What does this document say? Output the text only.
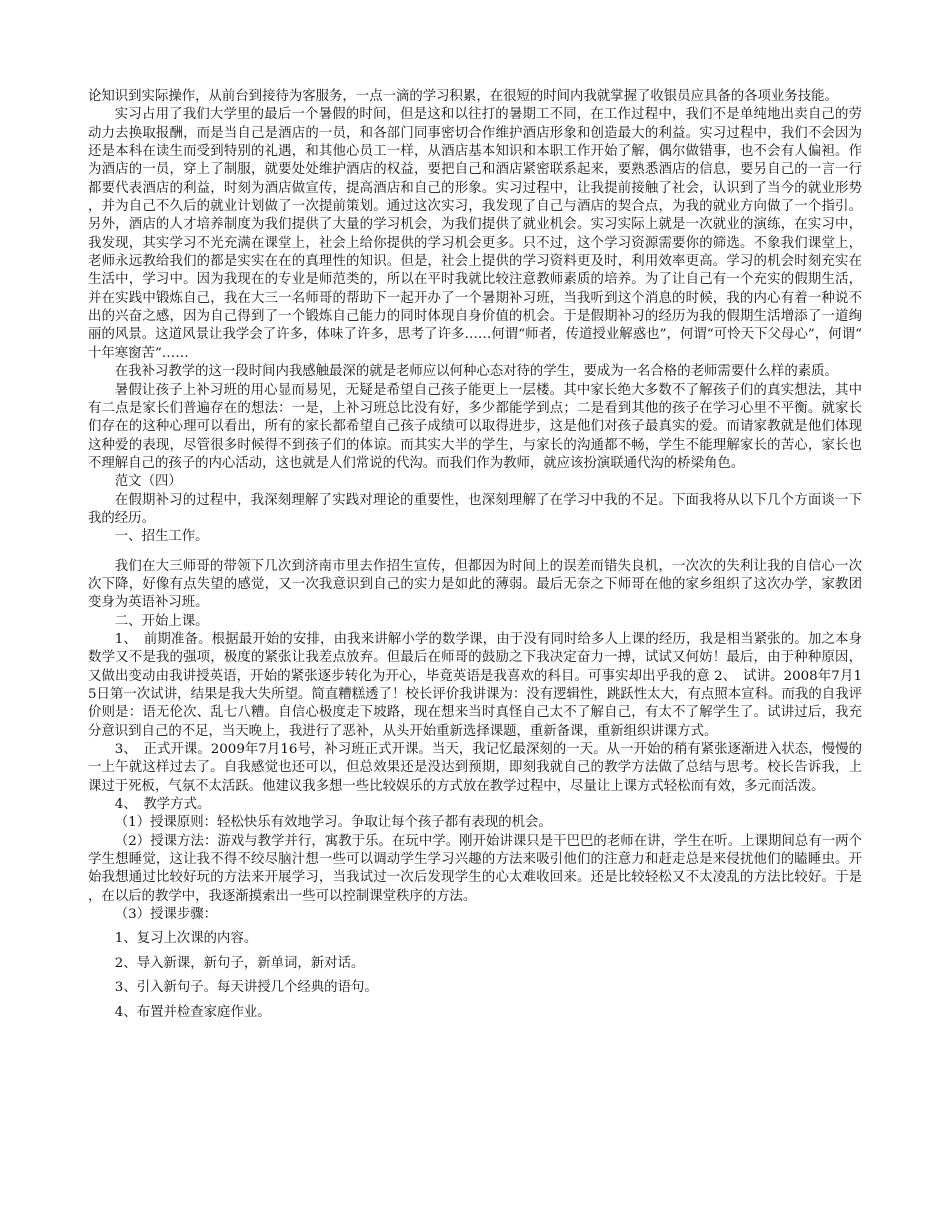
论知识到实际操作，从前台到接待为客服务，一点一滴的学习积累，在很短的时间内我就掌握了收银员应具备的各项业务技能。

实习占用了我们大学里的最后一个暑假的时间，但是这和以往打的暑期工不同，在工作过程中，我们不是单纯地出卖自己的劳动力去换取报酬，而是当自己是酒店的一员，和各部门同事密切合作维护酒店形象和创造最大的利益。实习过程中，我们不会因为还是本科在读生而受到特别的礼遇，和其他心员工一样，从酒店基本知识和本职工作开始了解，偶尔做错事，也不会有人偏袒。作为酒店的一员，穿上了制服，就要处处维护酒店的权益，要把自己和酒店紧密联系起来，要熟悉酒店的信息，要另自己的一言一行都要代表酒店的利益，时刻为酒店做宣传，提高酒店和自己的形象。实习过程中，让我提前接触了社会，认识到了当今的就业形势，并为自己不久后的就业计划做了一次提前策划。通过这次实习，我发现了自己与酒店的契合点，为我的就业方向做了一个指引。另外，酒店的人才培养制度为我们提供了大量的学习机会，为我们提供了就业机会。实习实际上就是一次就业的演练，在实习中，我发现，其实学习不光充满在课堂上，社会上给你提供的学习机会更多。只不过，这个学习资源需要你的筛选。不象我们课堂上，老师永远教给我们的都是实实在在的真理性的知识。但是，社会上提供的学习资料更及时，利用效率更高。学习的机会时刻充实在生活中，学习中。因为我现在的专业是师范类的，所以在平时我就比较注意教师素质的培养。为了让自己有一个充实的假期生活，并在实践中锻炼自己，我在大三一名师哥的帮助下一起开办了一个暑期补习班，当我听到这个消息的时候，我的内心有着一种说不出的兴奋之感，因为自己得到了一个锻炼自己能力的同时体现自身价值的机会。于是假期补习的经历为我的假期生活增添了一道绚丽的风景。这道风景让我学会了许多，体味了许多，思考了许多……何谓“师者，传道授业解惑也”，何谓“可怜天下父母心”，何谓“十年寒窗苦”……

在我补习教学的这一段时间内我感触最深的就是老师应以何种心态对待的学生，要成为一名合格的老师需要什么样的素质。

暑假让孩子上补习班的用心显而易见，无疑是希望自己孩子能更上一层楼。其中家长绝大多数不了解孩子们的真实想法，其中有二点是家长们普遍存在的想法：一是，上补习班总比没有好，多少都能学到点；二是看到其他的孩子在学习心里不平衡。就家长们存在的这种心理可以看出，所有的家长都希望自己孩子成绩可以取得进步，这是他们对孩子最真实的爱。而请家教就是他们体现这种爱的表现，尽管很多时候得不到孩子们的体谅。而其实大半的学生，与家长的沟通都不畅，学生不能理解家长的苦心，家长也不理解自己的孩子的内心活动，这也就是人们常说的代沟。而我们作为教师，就应该扮演联通代沟的桥梁角色。

范文（四）

在假期补习的过程中，我深刻理解了实践对理论的重要性，也深刻理解了在学习中我的不足。下面我将从以下几个方面谈一下我的经历。

一、招生工作。

我们在大三师哥的带领下几次到济南市里去作招生宣传，但都因为时间上的误差而错失良机，一次次的失利让我的自信心一次次下降，好像有点失望的感觉，又一次我意识到自己的实力是如此的薄弱。最后无奈之下师哥在他的家乡组织了这次办学，家教团变身为英语补习班。

二、开始上课。

1、　前期准备。根据最开始的安排，由我来讲解小学的数学课，由于没有同时给多人上课的经历，我是相当紧张的。加之本身数学又不是我的强项，极度的紧张让我差点放弃。但最后在师哥的鼓励之下我决定奋力一搏，试试又何妨！最后，由于种种原因，又做出变动由我讲授英语，开始的紧张逐步转化为开心，毕竟英语是我喜欢的科目。可事实却出乎我的意 2、　试讲。2008年7月15日第一次试讲，结果是我大失所望。简直糟糕透了！校长评价我讲课为：没有逻辑性，跳跃性太大，有点照本宣科。而我的自我评价则是：语无伦次、乱七八糟。自信心极度走下坡路，现在想来当时真怪自己太不了解自己，有太不了解学生了。试讲过后，我充分意识到自己的不足，当天晚上，我进行了恶补，从头开始重新选择课题，重新备课，重新组织讲课方式。

3、　正式开课。2009年7月16号，补习班正式开课。当天，我记忆最深刻的一天。从一开始的稍有紧张逐渐进入状态，慢慢的一上午就这样过去了。自我感觉也还可以，但总效果还是没达到预期，即刻我就自己的教学方法做了总结与思考。校长告诉我，上课过于死板，气氛不太活跃。他建议我多想一些比较娱乐的方式放在教学过程中，尽量让上课方式轻松而有效，多元而活泼。

4、　教学方式。

（1）授课原则：轻松快乐有效地学习。争取让每个孩子都有表现的机会。

（2）授课方法：游戏与教学并行，寓教于乐。在玩中学。刚开始讲课只是干巴巴的老师在讲，学生在听。上课期间总有一两个学生想睡觉，这让我不得不绞尽脑汁想一些可以调动学生学习兴趣的方法来吸引他们的注意力和赶走总是来侵扰他们的瞌睡虫。开始我想通过比较好玩的方法来开展学习，当我试过一次后发现学生的心太难收回来。还是比较轻松又不太凌乱的方法比较好。于是，在以后的教学中，我逐渐摸索出一些可以控制课堂秩序的方法。

（3）授课步骤：

1、复习上次课的内容。

2、导入新课，新句子，新单词，新对话。

3、引入新句子。每天讲授几个经典的语句。

4、布置并检查家庭作业。
